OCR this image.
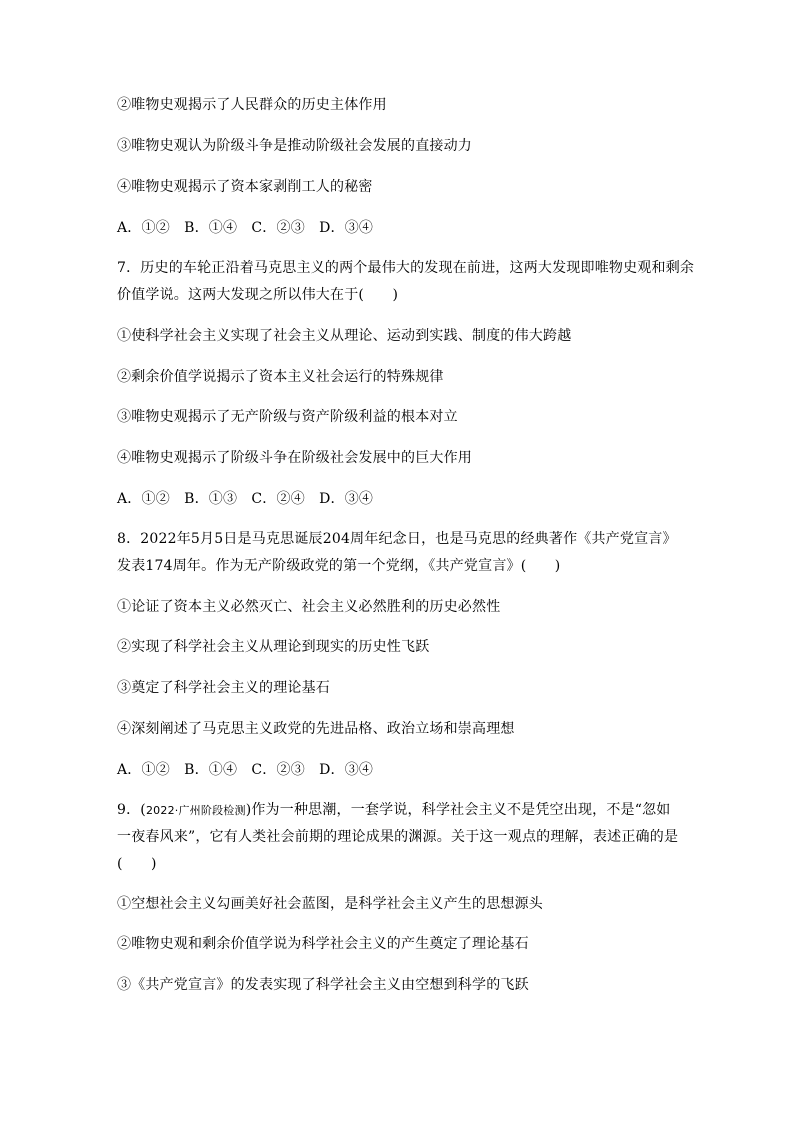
②唯物史观揭示了人民群众的历史主体作用
③唯物史观认为阶级斗争是推动阶级社会发展的直接动力
④唯物史观揭示了资本家剥削工人的秘密
A．①②　B．①④　C．②③　D．③④
7．历史的车轮正沿着马克思主义的两个最伟大的发现在前进，这两大发现即唯物史观和剩余
价值学说。这两大发现之所以伟大在于(　　)
①使科学社会主义实现了社会主义从理论、运动到实践、制度的伟大跨越
②剩余价值学说揭示了资本主义社会运行的特殊规律
③唯物史观揭示了无产阶级与资产阶级利益的根本对立
④唯物史观揭示了阶级斗争在阶级社会发展中的巨大作用
A．①②　B．①③　C．②④　D．③④
8．2022年5月5日是马克思诞辰204周年纪念日，也是马克思的经典著作《共产党宣言》
发表174周年。作为无产阶级政党的第一个党纲，《共产党宣言》(　　)
①论证了资本主义必然灭亡、社会主义必然胜利的历史必然性
②实现了科学社会主义从理论到现实的历史性飞跃
③奠定了科学社会主义的理论基石
④深刻阐述了马克思主义政党的先进品格、政治立场和崇高理想
A．①②　B．①④　C．②③　D．③④
9．(2022·广州阶段检测)作为一种思潮，一套学说，科学社会主义不是凭空出现，不是“忽如
一夜春风来”，它有人类社会前期的理论成果的渊源。关于这一观点的理解，表述正确的是
(　　)
①空想社会主义勾画美好社会蓝图，是科学社会主义产生的思想源头
②唯物史观和剩余价值学说为科学社会主义的产生奠定了理论基石
③《共产党宣言》的发表实现了科学社会主义由空想到科学的飞跃
